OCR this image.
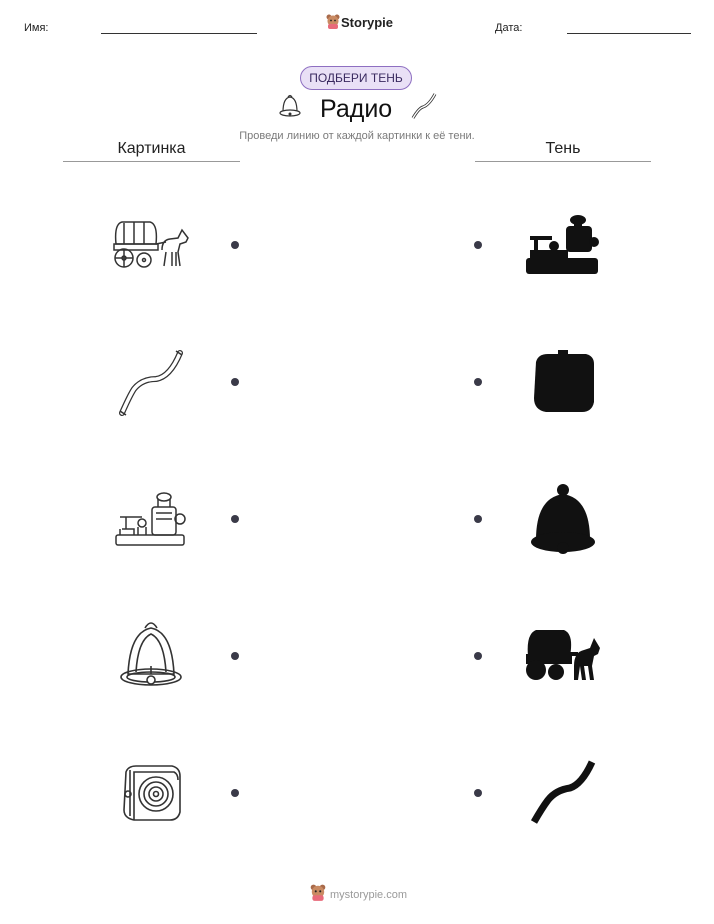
Имя:	Storypie	Дата:
ПОДБЕРИ ТЕНЬ
Радио
Проведи линию от каждой картинки к её тени.
Картинка	Тень
mystorypie.com
